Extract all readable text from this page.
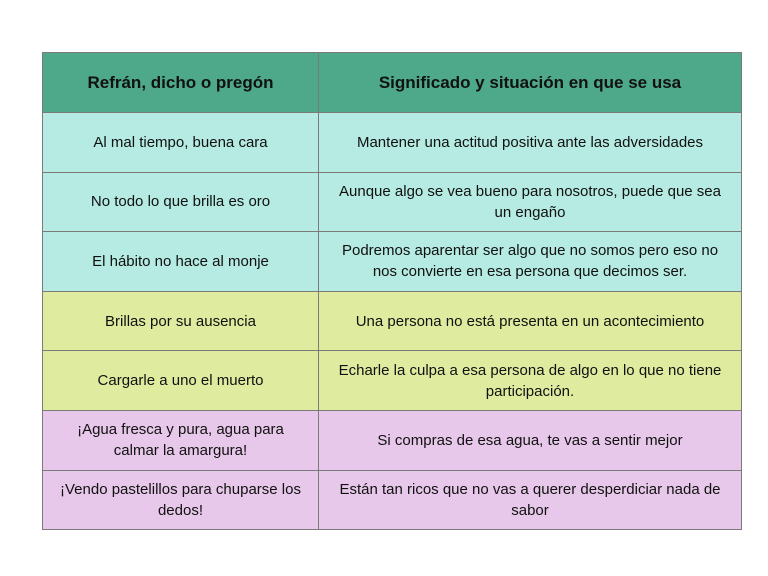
Refrán, dicho o pregón	Significado y situación en que se usa
Al mal tiempo, buena cara	Mantener una actitud positiva ante las adversidades
No todo lo que brilla es oro	Aunque algo se vea bueno para nosotros, puede que sea un engaño
El hábito no hace al monje	Podremos aparentar ser algo que no somos pero eso no nos convierte en esa persona que decimos ser.
Brillas por su ausencia	Una persona no está presenta en un acontecimiento
Cargarle a uno el muerto	Echarle la culpa a esa persona de algo en lo que no tiene participación.
¡Agua fresca y pura, agua para calmar la amargura!	Si compras de esa agua, te vas a sentir mejor
¡Vendo pastelillos para chuparse los dedos!	Están tan ricos que no vas a querer desperdiciar nada de sabor
